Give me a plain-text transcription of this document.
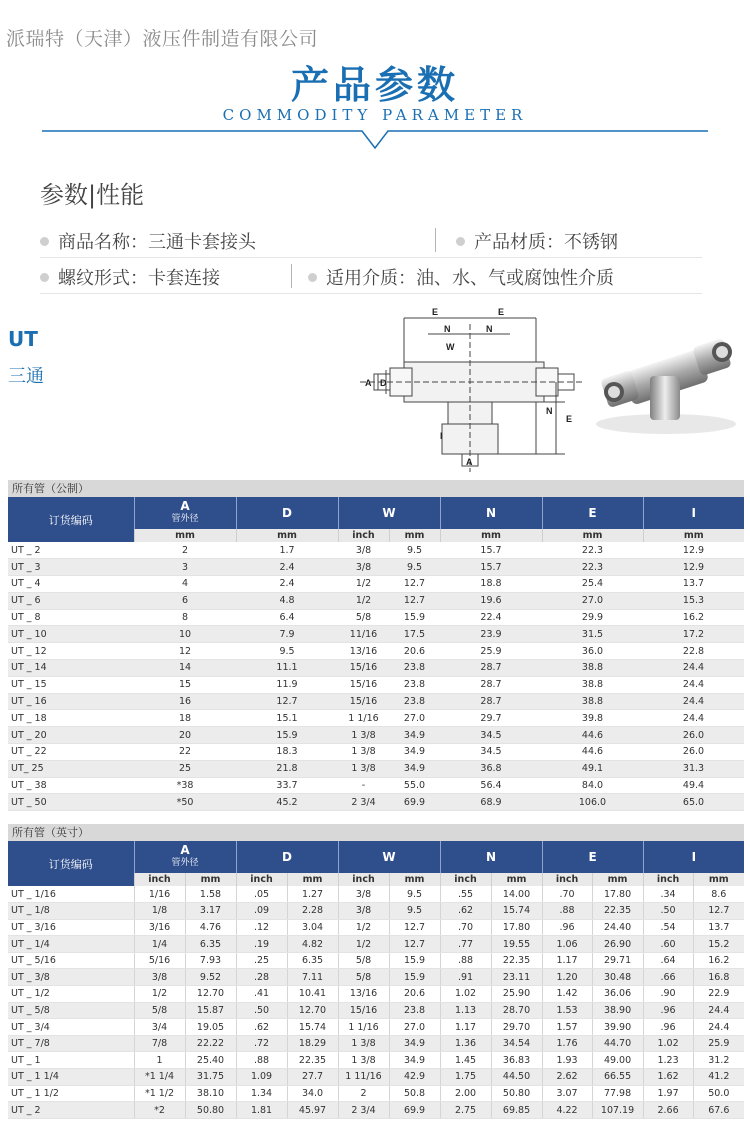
派瑞特（天津）液压件制造有限公司
产品参数
COMMODITY PARAMETER
参数|性能
商品名称：三通卡套接头	产品材质：不锈钢
螺纹形式：卡套连接	适用介质：油、水、气或腐蚀性介质
UT
三通
E	E
N	N
W
A D
N
E
I
A
所有管（公制）
订货编码	A
管外径	D	W		N	E	I
	mm	mm	inch	mm	mm	mm	mm
UT _ 2	2	1.7	3/8	9.5	15.7	22.3	12.9
UT _ 3	3	2.4	3/8	9.5	15.7	22.3	12.9
UT _ 4	4	2.4	1/2	12.7	18.8	25.4	13.7
UT _ 6	6	4.8	1/2	12.7	19.6	27.0	15.3
UT _ 8	8	6.4	5/8	15.9	22.4	29.9	16.2
UT _ 10	10	7.9	11/16	17.5	23.9	31.5	17.2
UT _ 12	12	9.5	13/16	20.6	25.9	36.0	22.8
UT _ 14	14	11.1	15/16	23.8	28.7	38.8	24.4
UT _ 15	15	11.9	15/16	23.8	28.7	38.8	24.4
UT _ 16	16	12.7	15/16	23.8	28.7	38.8	24.4
UT _ 18	18	15.1	1 1/16	27.0	29.7	39.8	24.4
UT _ 20	20	15.9	1 3/8	34.9	34.5	44.6	26.0
UT _ 22	22	18.3	1 3/8	34.9	34.5	44.6	26.0
UT_ 25	25	21.8	1 3/8	34.9	36.8	49.1	31.3
UT _ 38	*38	33.7	-	55.0	56.4	84.0	49.4
UT _ 50	*50	45.2	2 3/4	69.9	68.9	106.0	65.0
所有管（英寸）
订货编码	A
管外径		D		W		N		E		I	
	inch	mm	inch	mm	inch	mm	inch	mm	inch	mm	inch	mm
UT _ 1/16	1/16	1.58	.05	1.27	3/8	9.5	.55	14.00	.70	17.80	.34	8.6
UT _ 1/8	1/8	3.17	.09	2.28	3/8	9.5	.62	15.74	.88	22.35	.50	12.7
UT _ 3/16	3/16	4.76	.12	3.04	1/2	12.7	.70	17.80	.96	24.40	.54	13.7
UT _ 1/4	1/4	6.35	.19	4.82	1/2	12.7	.77	19.55	1.06	26.90	.60	15.2
UT _ 5/16	5/16	7.93	.25	6.35	5/8	15.9	.88	22.35	1.17	29.71	.64	16.2
UT _ 3/8	3/8	9.52	.28	7.11	5/8	15.9	.91	23.11	1.20	30.48	.66	16.8
UT _ 1/2	1/2	12.70	.41	10.41	13/16	20.6	1.02	25.90	1.42	36.06	.90	22.9
UT _ 5/8	5/8	15.87	.50	12.70	15/16	23.8	1.13	28.70	1.53	38.90	.96	24.4
UT _ 3/4	3/4	19.05	.62	15.74	1 1/16	27.0	1.17	29.70	1.57	39.90	.96	24.4
UT _ 7/8	7/8	22.22	.72	18.29	1 3/8	34.9	1.36	34.54	1.76	44.70	1.02	25.9
UT _ 1	1	25.40	.88	22.35	1 3/8	34.9	1.45	36.83	1.93	49.00	1.23	31.2
UT _ 1 1/4	*1 1/4	31.75	1.09	27.7	1 11/16	42.9	1.75	44.50	2.62	66.55	1.62	41.2
UT _ 1 1/2	*1 1/2	38.10	1.34	34.0	2	50.8	2.00	50.80	3.07	77.98	1.97	50.0
UT _ 2	*2	50.80	1.81	45.97	2 3/4	69.9	2.75	69.85	4.22	107.19	2.66	67.6
